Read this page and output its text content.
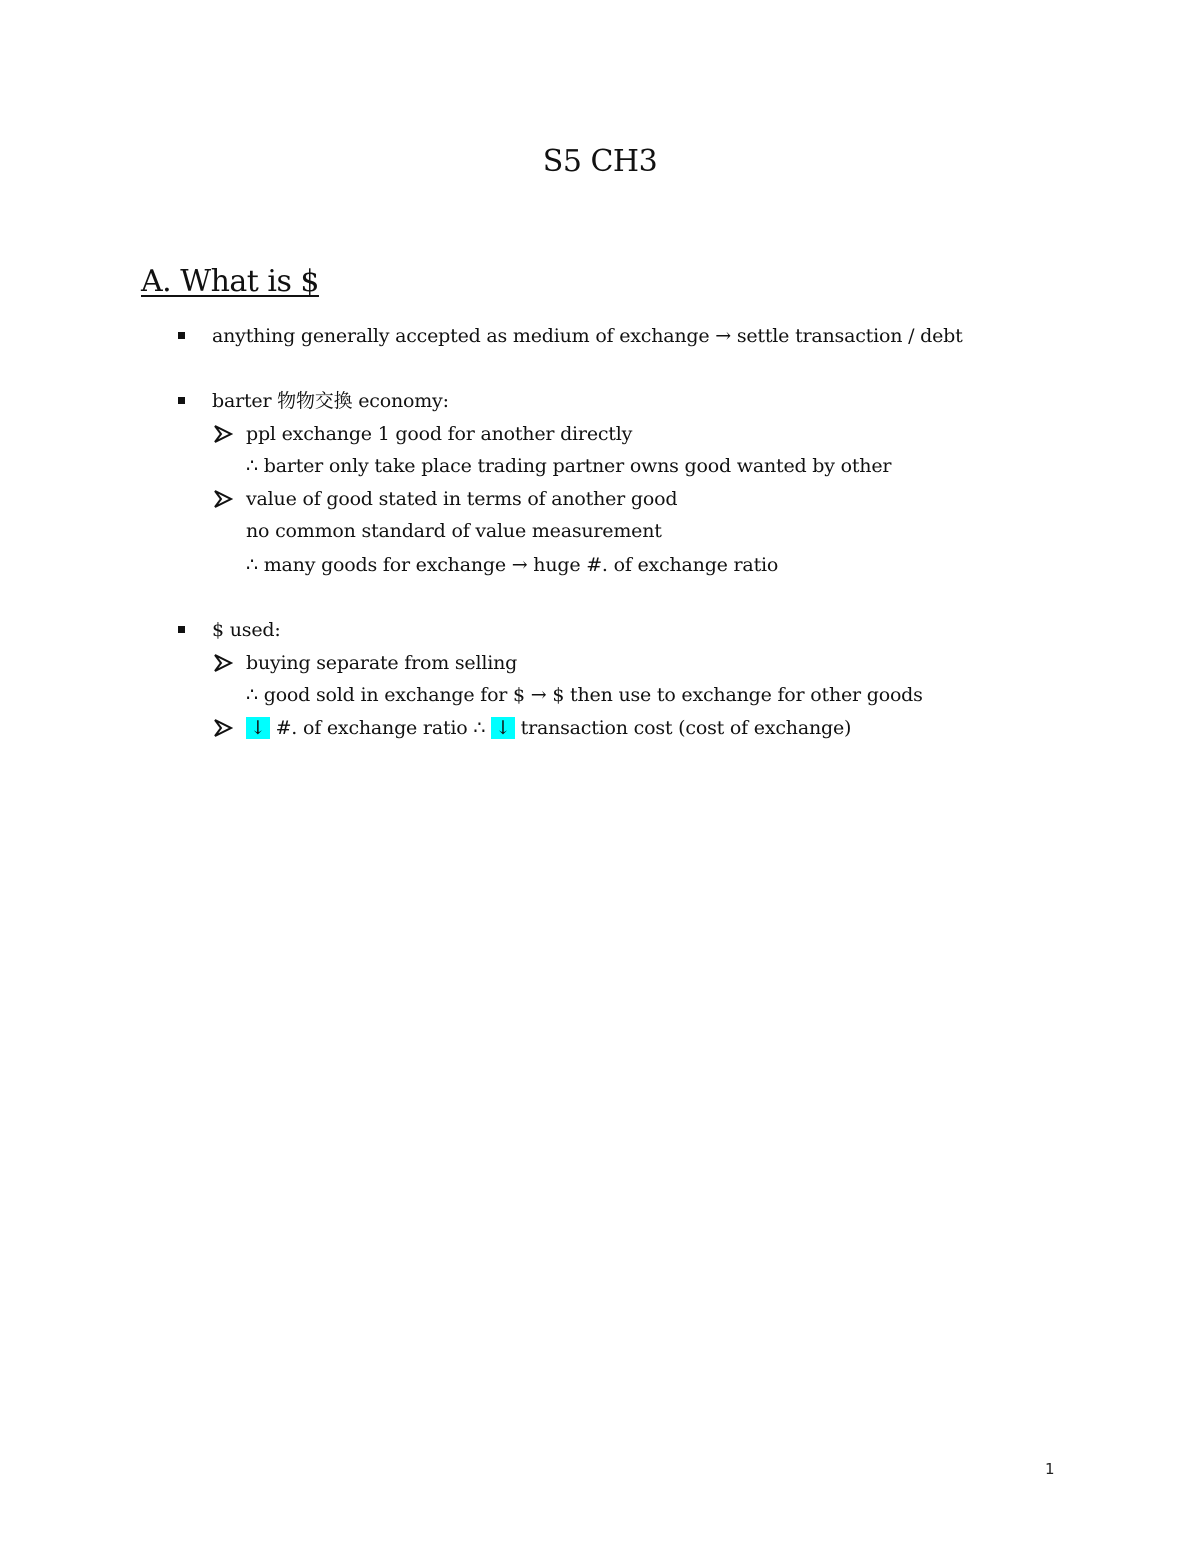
S5 CH3
A. What is $
anything generally accepted as medium of exchange → settle transaction / debt
barter 物物交換 economy:
ppl exchange 1 good for another directly
∴ barter only take place trading partner owns good wanted by other
value of good stated in terms of another good
no common standard of value measurement
∴ many goods for exchange → huge #. of exchange ratio
$ used:
buying separate from selling
∴ good sold in exchange for $ → $ then use to exchange for other goods
↓ #. of exchange ratio ∴ ↓ transaction cost (cost of exchange)
1
